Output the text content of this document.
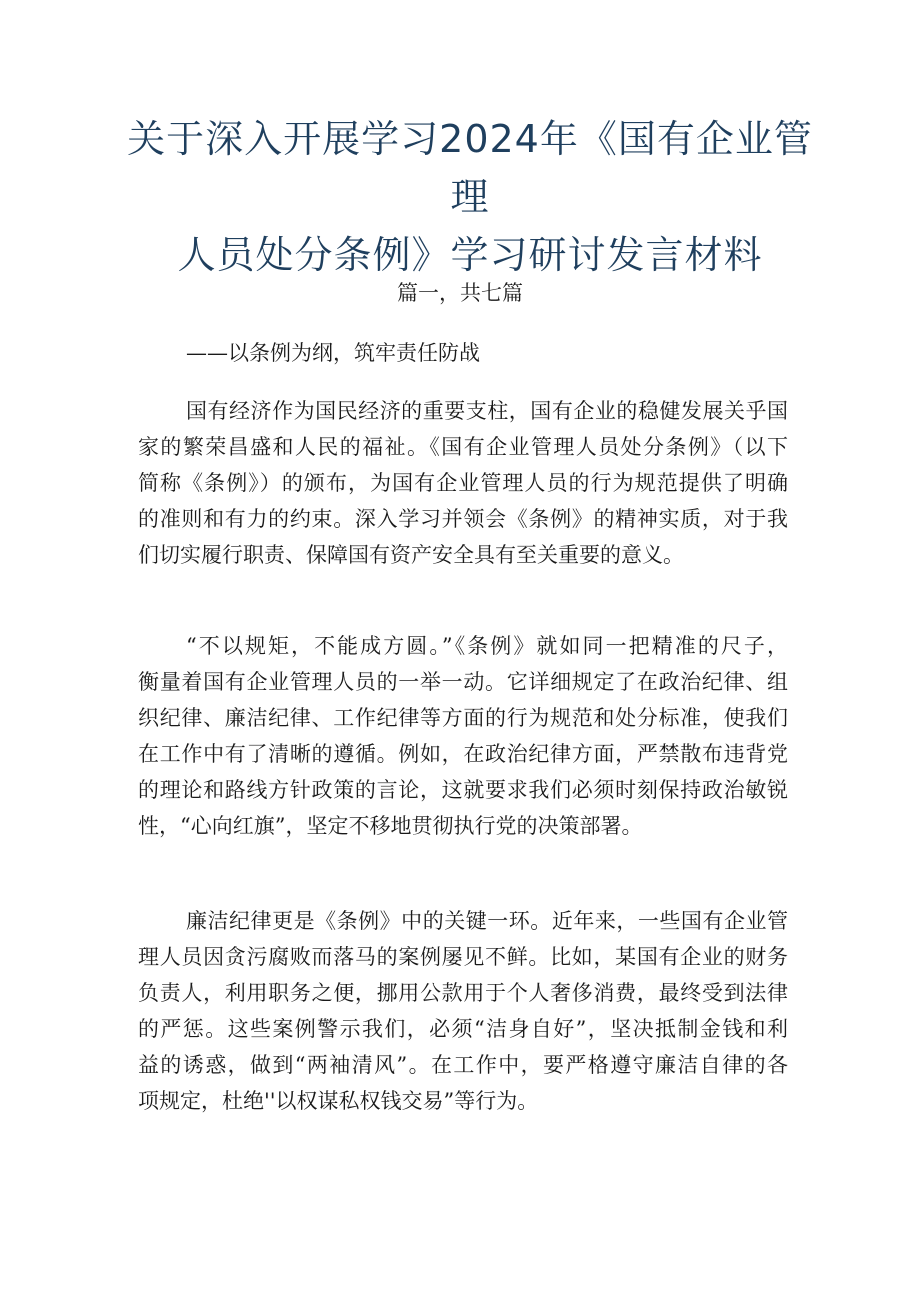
关于深入开展学习2024年《国有企业管理
人员处分条例》学习研讨发言材料
篇一，共七篇
——以条例为纲，筑牢责任防战
国有经济作为国民经济的重要支柱，国有企业的稳健发展关乎国
家的繁荣昌盛和人民的福祉。《国有企业管理人员处分条例》（以下
简称《条例》）的颁布，为国有企业管理人员的行为规范提供了明确
的准则和有力的约束。深入学习并领会《条例》的精神实质，对于我
们切实履行职责、保障国有资产安全具有至关重要的意义。
“不以规矩，不能成方圆。”《条例》就如同一把精准的尺子，
衡量着国有企业管理人员的一举一动。它详细规定了在政治纪律、组
织纪律、廉洁纪律、工作纪律等方面的行为规范和处分标准，使我们
在工作中有了清晰的遵循。例如，在政治纪律方面，严禁散布违背党
的理论和路线方针政策的言论，这就要求我们必须时刻保持政治敏锐
性，“心向红旗”，坚定不移地贯彻执行党的决策部署。
廉洁纪律更是《条例》中的关键一环。近年来，一些国有企业管
理人员因贪污腐败而落马的案例屡见不鲜。比如，某国有企业的财务
负责人，利用职务之便，挪用公款用于个人奢侈消费，最终受到法律
的严惩。这些案例警示我们，必须“洁身自好”，坚决抵制金钱和利
益的诱惑，做到“两袖清风”。在工作中，要严格遵守廉洁自律的各
项规定，杜绝''以权谋私权钱交易”等行为。
